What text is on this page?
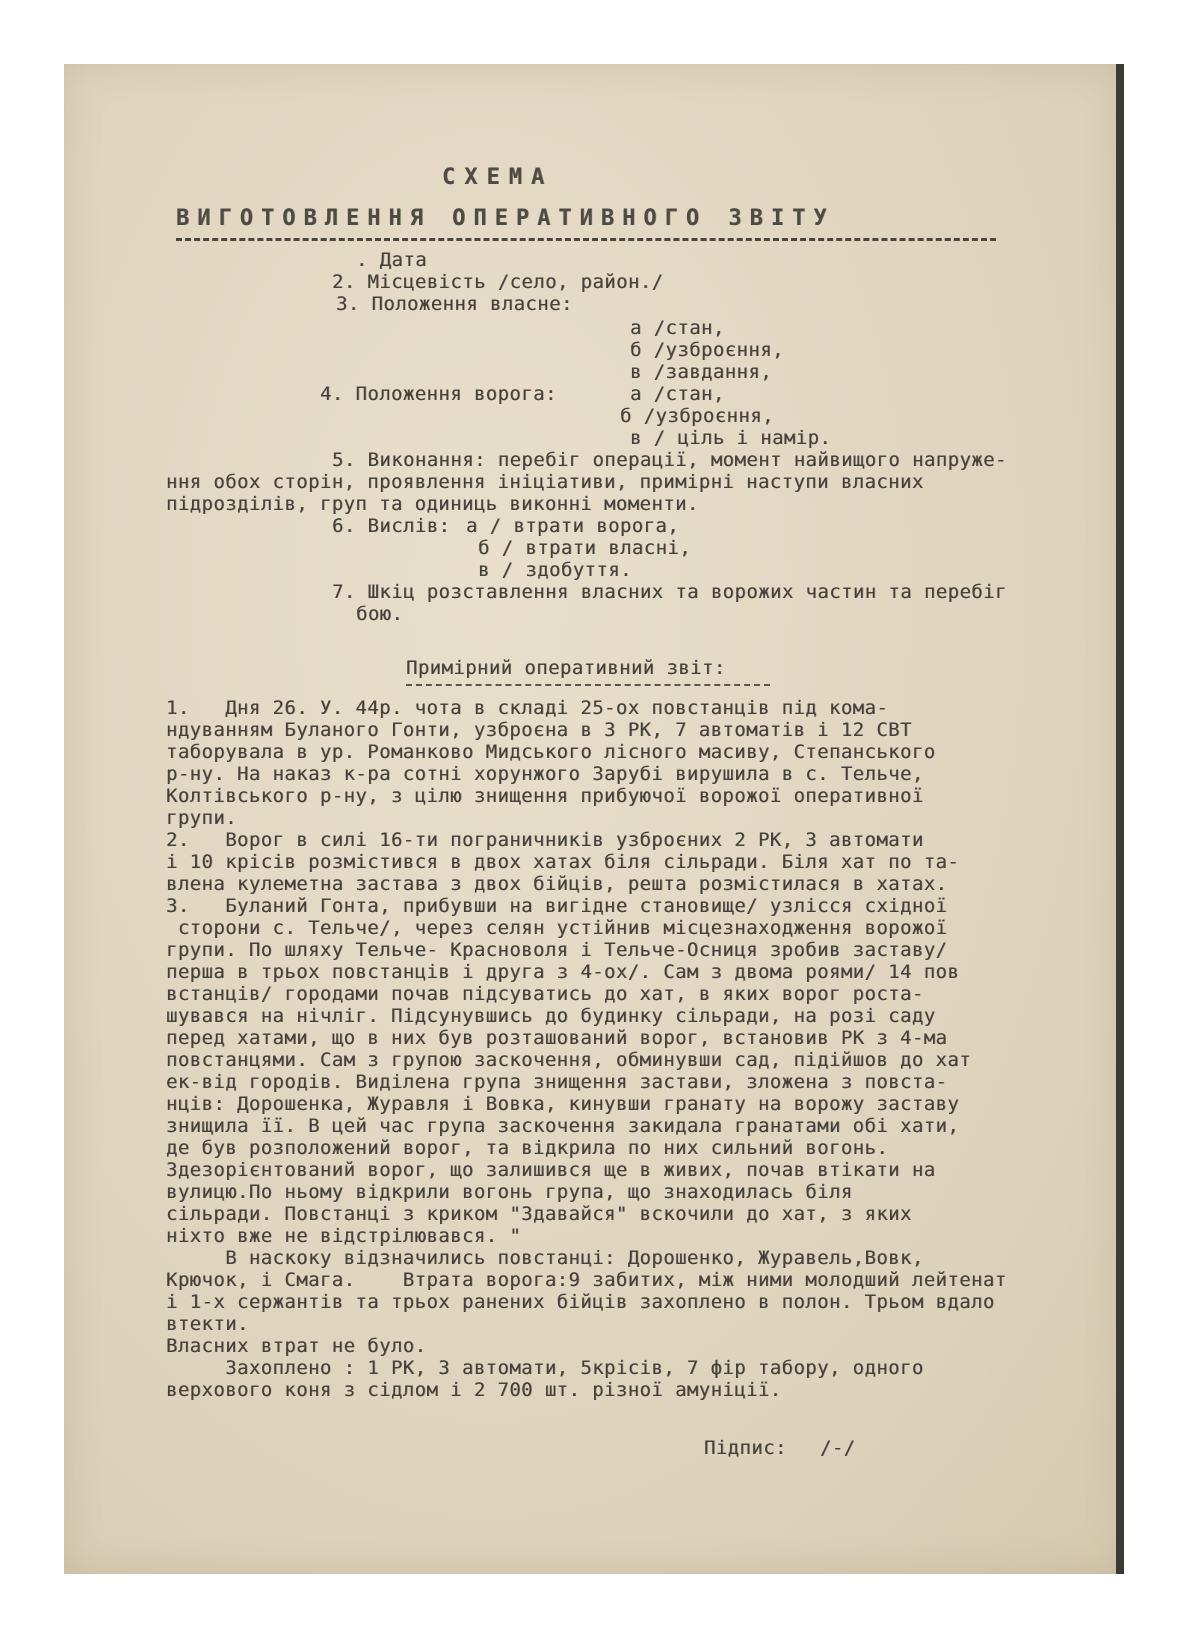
СХЕМА

ВИГОТОВЛЕННЯ ОПЕРАТИВНОГО ЗВІТУ

. Дата

2. Місцевість /село, район./

3. Положення власне:

а /стан,

б /узброєння,

в /завдання,

4. Положення ворога:	а /стан,

б /узброєння,

в / ціль і намір.

5. Виконання: перебіг операції, момент найвищого напруже-

ння обох сторін, проявлення ініціативи, примірні наступи власних

підрозділів, груп та одиниць виконні моменти.

6. Вислів: а / втрати ворога,

б / втрати власні,

в / здобуття.

7. Шкіц розставлення власних та ворожих частин та перебіг

бою.

Примірний оперативний звіт:

1.   Дня 26. У. 44р. чота в складі 25-ох повстанців під кома-

ндуванням Буланого Гонти, узброєна в 3 РК, 7 автоматів і 12 СВТ

таборувала в ур. Романково Мидського лісного масиву, Степанського

р-ну. На наказ к-ра сотні хорунжого Зарубі вирушила в с. Тельче,

Колтівського р-ну, з цілю знищення прибуючої ворожої оперативної

групи.

2.   Ворог в силі 16-ти пограничників узброєних 2 РК, 3 автомати

і 10 крісів розмістився в двох хатах біля сільради. Біля хат по та-

влена кулеметна застава з двох бійців, решта розмістилася в хатах.

3.   Буланий Гонта, прибувши на вигідне становище/ узлісся східної

сторони с. Тельче/, через селян устійнив місцезнаходження ворожої

групи. По шляху Тельче- Красноволя і Тельче-Осниця зробив заставу/

перша в трьох повстанців і друга з 4-ох/. Сам з двома роями/ 14 пов

встанців/ городами почав підсуватись до хат, в яких ворог роста-

шувався на нічліг. Підсунувшись до будинку сільради, на розі саду

перед хатами, що в них був розташований ворог, встановив РК з 4-ма

повстанцями. Сам з групою заскочення, обминувши сад, підійшов до хат

ек-від городів. Виділена група знищення застави, зложена з повста-

нців: Дорошенка, Журавля і Вовка, кинувши гранату на ворожу заставу

знищила її. В цей час група заскочення закидала гранатами обі хати,

де був розположений ворог, та відкрила по них сильний вогонь.

Здезорієнтований ворог, що залишився ще в живих, почав втікати на

вулицю.По ньому відкрили вогонь група, що знаходилась біля

сільради. Повстанці з криком "Здавайся" вскочили до хат, з яких

ніхто вже не відстрілювався. "

В наскоку відзначились повстанці: Дорошенко, Журавель,Вовк,

Крючок, і Смага.    Втрата ворога:9 забитих, між ними молодший лейтенат

і 1-х сержантів та трьох ранених бійців захоплено в полон. Трьом вдало

втекти.

Власних втрат не було.

Захоплено : 1 РК, 3 автомати, 5крісів, 7 фір табору, одного

верхового коня з сідлом і 2 700 шт. різної амуніції.

Підпис: /-/
